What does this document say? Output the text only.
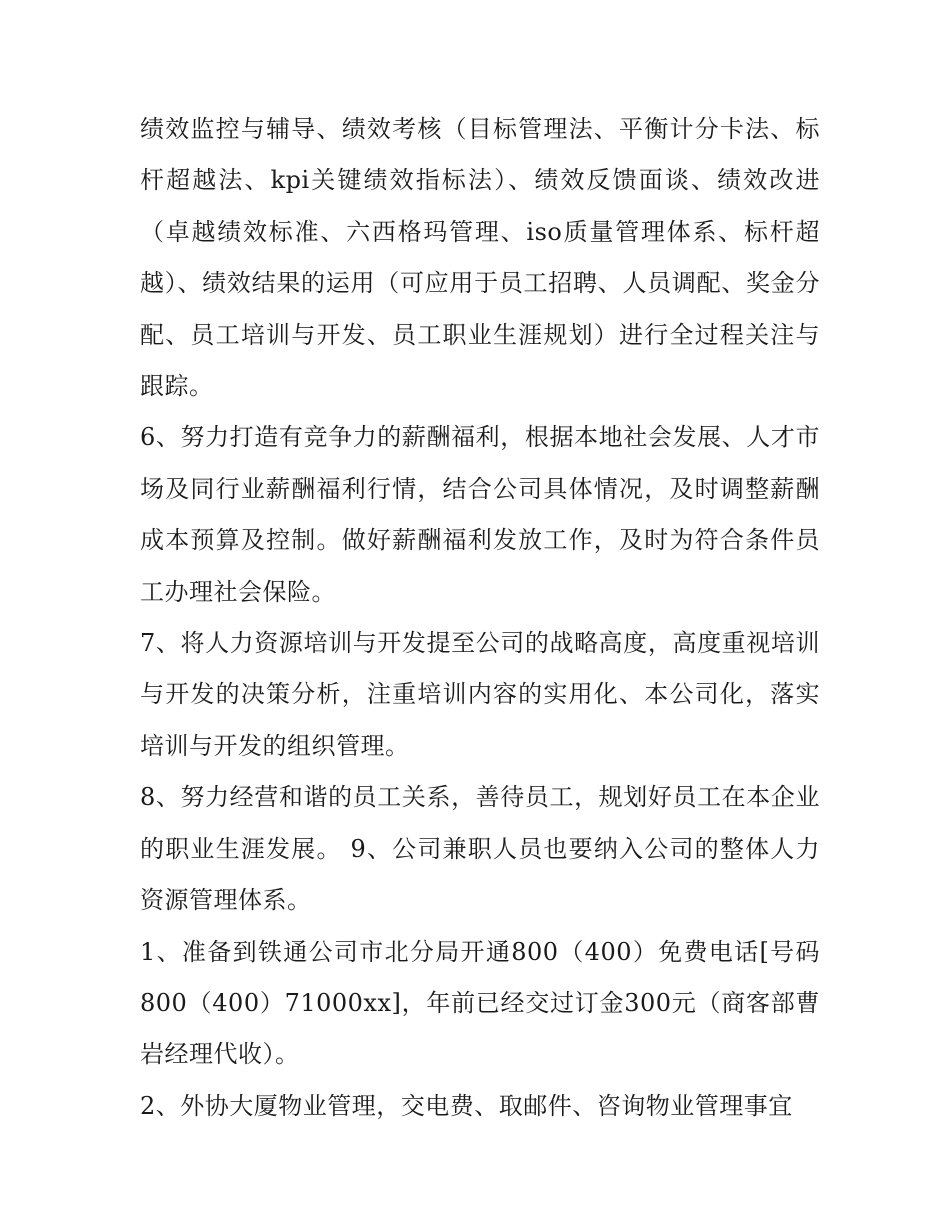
绩效监控与辅导、绩效考核（目标管理法、平衡计分卡法、标杆超越法、kpi关键绩效指标法）、绩效反馈面谈、绩效改进（卓越绩效标准、六西格玛管理、iso质量管理体系、标杆超越）、绩效结果的运用（可应用于员工招聘、人员调配、奖金分配、员工培训与开发、员工职业生涯规划）进行全过程关注与跟踪。

6、努力打造有竞争力的薪酬福利，根据本地社会发展、人才市场及同行业薪酬福利行情，结合公司具体情况，及时调整薪酬成本预算及控制。做好薪酬福利发放工作，及时为符合条件员工办理社会保险。

7、将人力资源培训与开发提至公司的战略高度，高度重视培训与开发的决策分析，注重培训内容的实用化、本公司化，落实培训与开发的组织管理。

8、努力经营和谐的员工关系，善待员工，规划好员工在本企业的职业生涯发展。 9、公司兼职人员也要纳入公司的整体人力资源管理体系。

1、准备到铁通公司市北分局开通800（400）免费电话[号码800（400）71000xx]，年前已经交过订金300元（商客部曹岩经理代收）。

2、外协大厦物业管理，交电费、取邮件、咨询物业管理事宜
